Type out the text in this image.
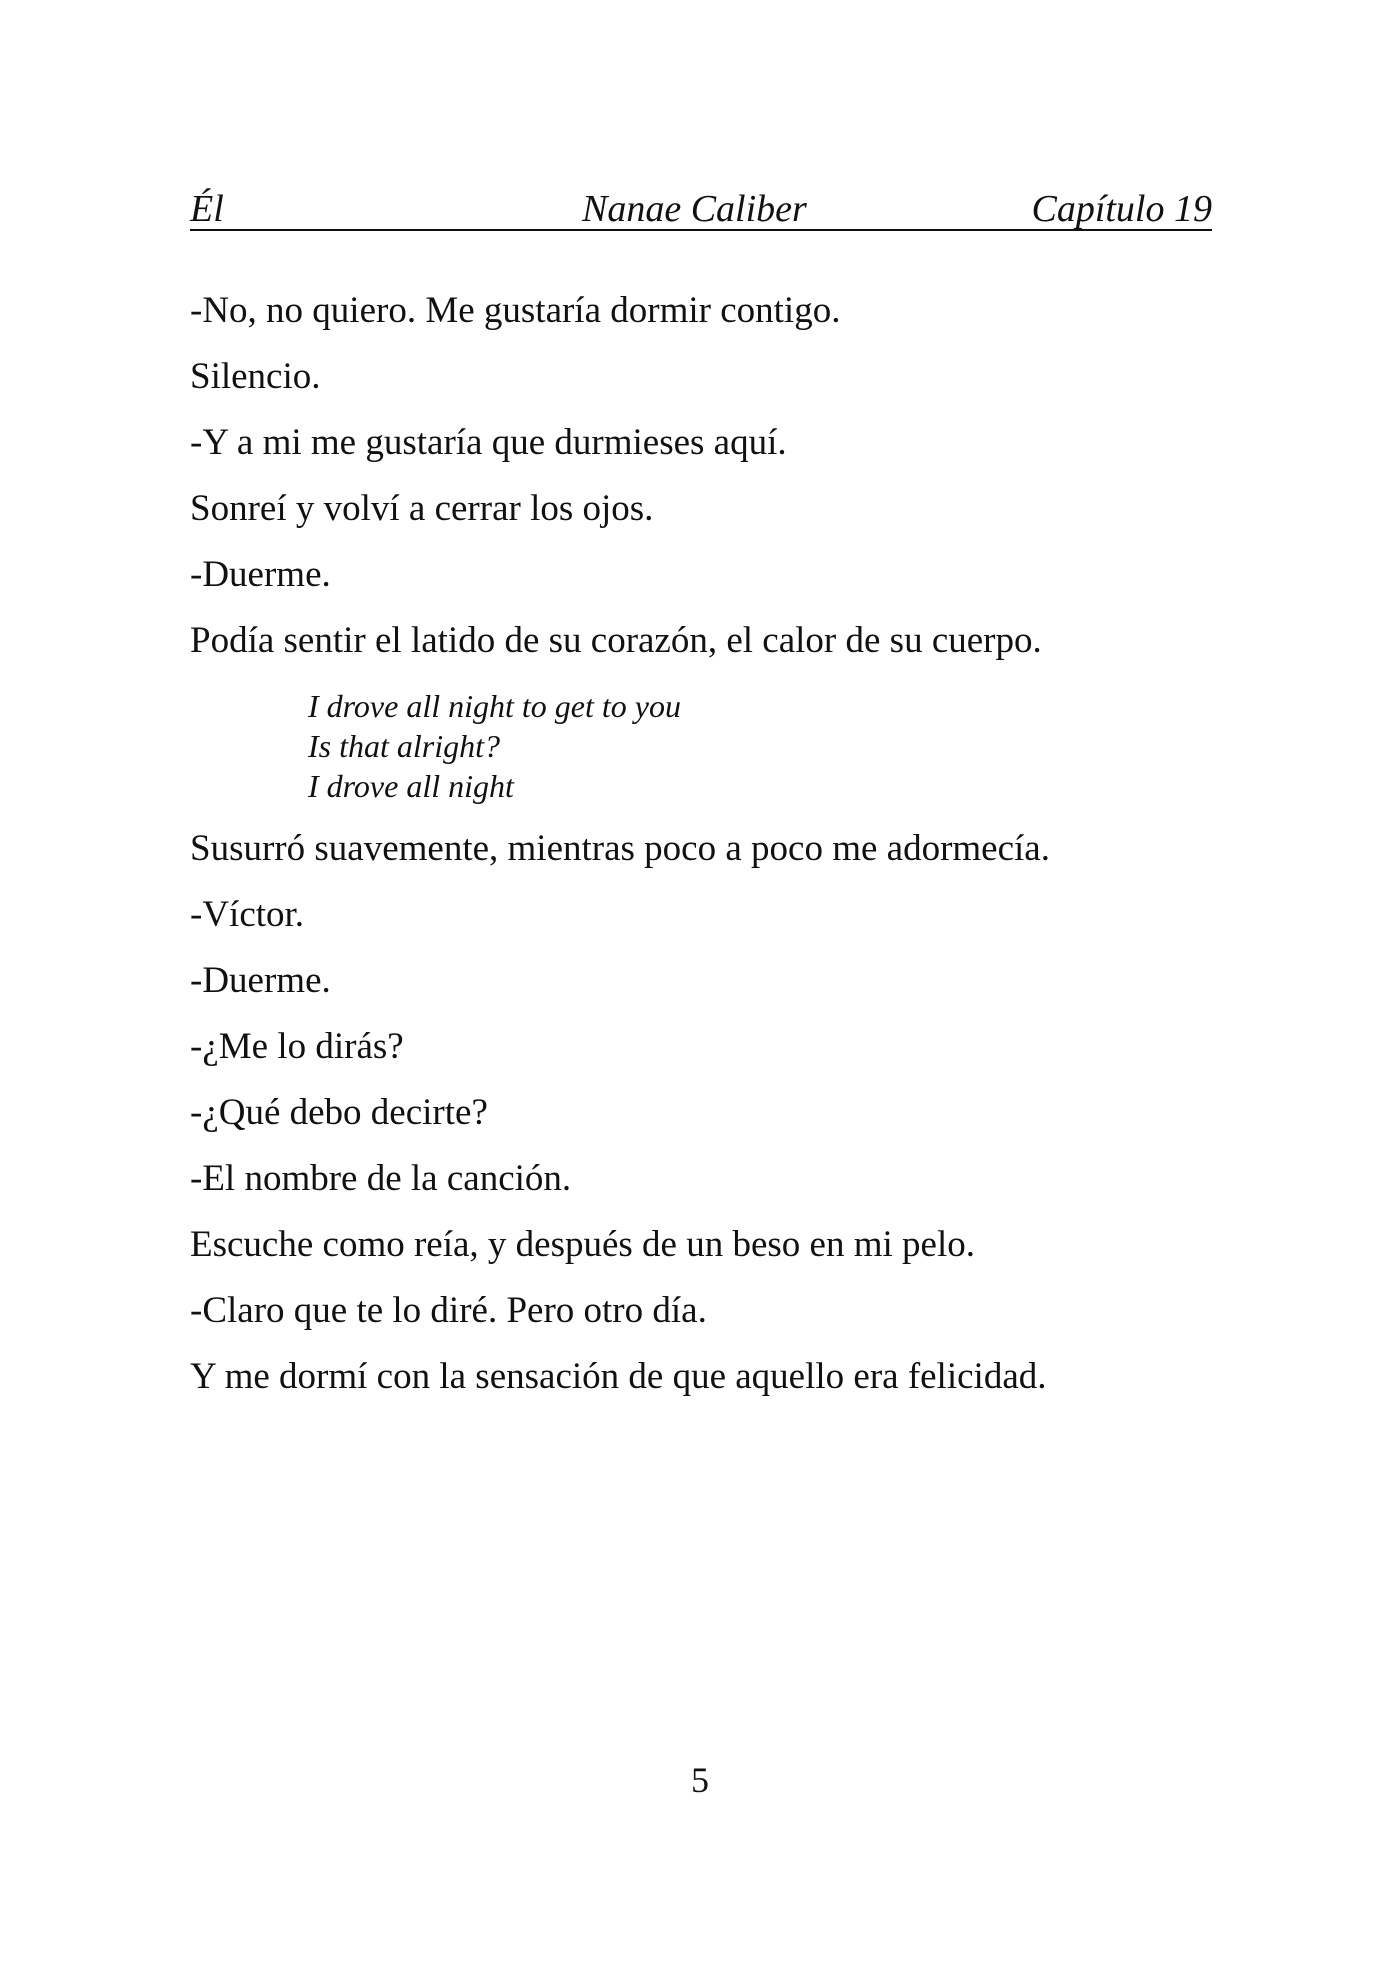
Él	Nanae Caliber	Capítulo 19

-No, no quiero. Me gustaría dormir contigo.

Silencio.

-Y a mi me gustaría que durmieses aquí.

Sonreí y volví a cerrar los ojos.

-Duerme.

Podía sentir el latido de su corazón, el calor de su cuerpo.

I drove all night to get to you
Is that alright?
I drove all night

Susurró suavemente, mientras poco a poco me adormecía.

-Víctor.

-Duerme.

-¿Me lo dirás?

-¿Qué debo decirte?

-El nombre de la canción.

Escuche como reía, y después de un beso en mi pelo.

-Claro que te lo diré. Pero otro día.

Y me dormí con la sensación de que aquello era felicidad.

5
